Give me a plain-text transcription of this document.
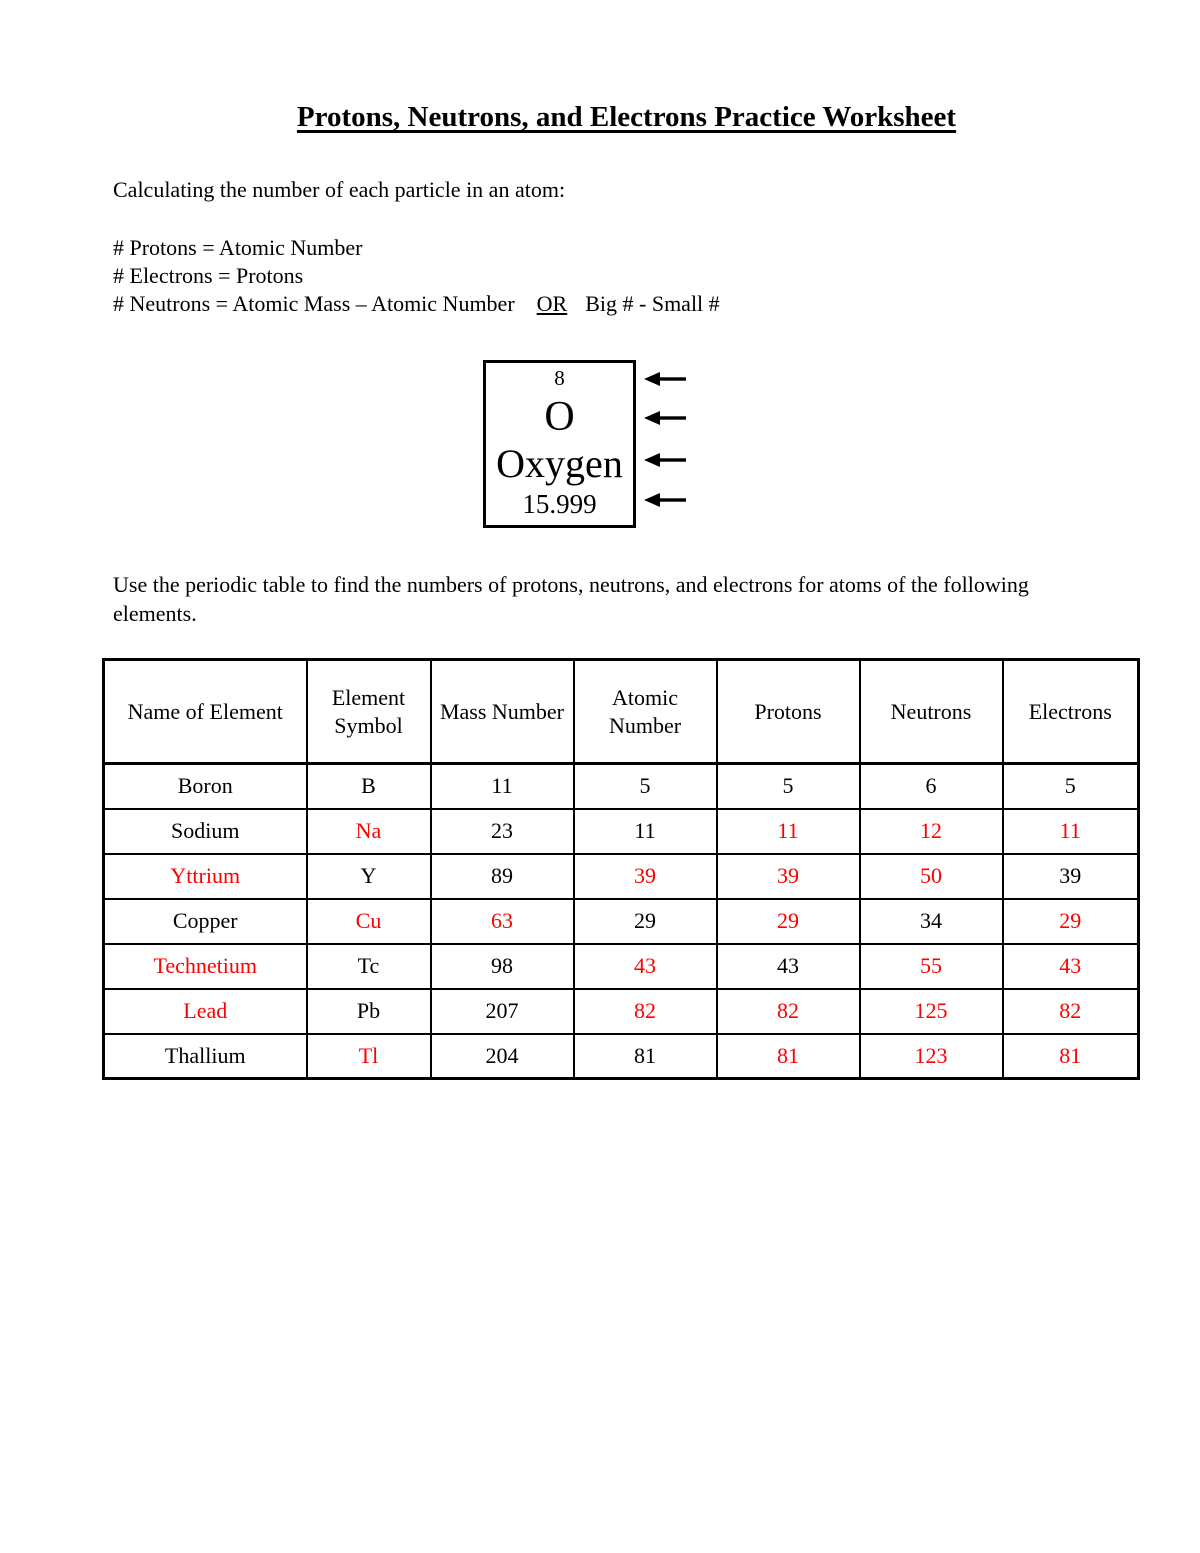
Protons, Neutrons, and Electrons Practice Worksheet

Calculating the number of each particle in an atom:

# Protons = Atomic Number
# Electrons = Protons
# Neutrons = Atomic Mass – Atomic Number OR Big # - Small #
8
O
Oxygen
15.999

Use the periodic table to find the numbers of protons, neutrons, and electrons for atoms of the following elements.

Name of Element	Element Symbol	Mass Number	Atomic Number	Protons	Neutrons	Electrons
Boron	B	11	5	5	6	5
Sodium	Na	23	11	11	12	11
Yttrium	Y	89	39	39	50	39
Copper	Cu	63	29	29	34	29
Technetium	Tc	98	43	43	55	43
Lead	Pb	207	82	82	125	82
Thallium	Tl	204	81	81	123	81
